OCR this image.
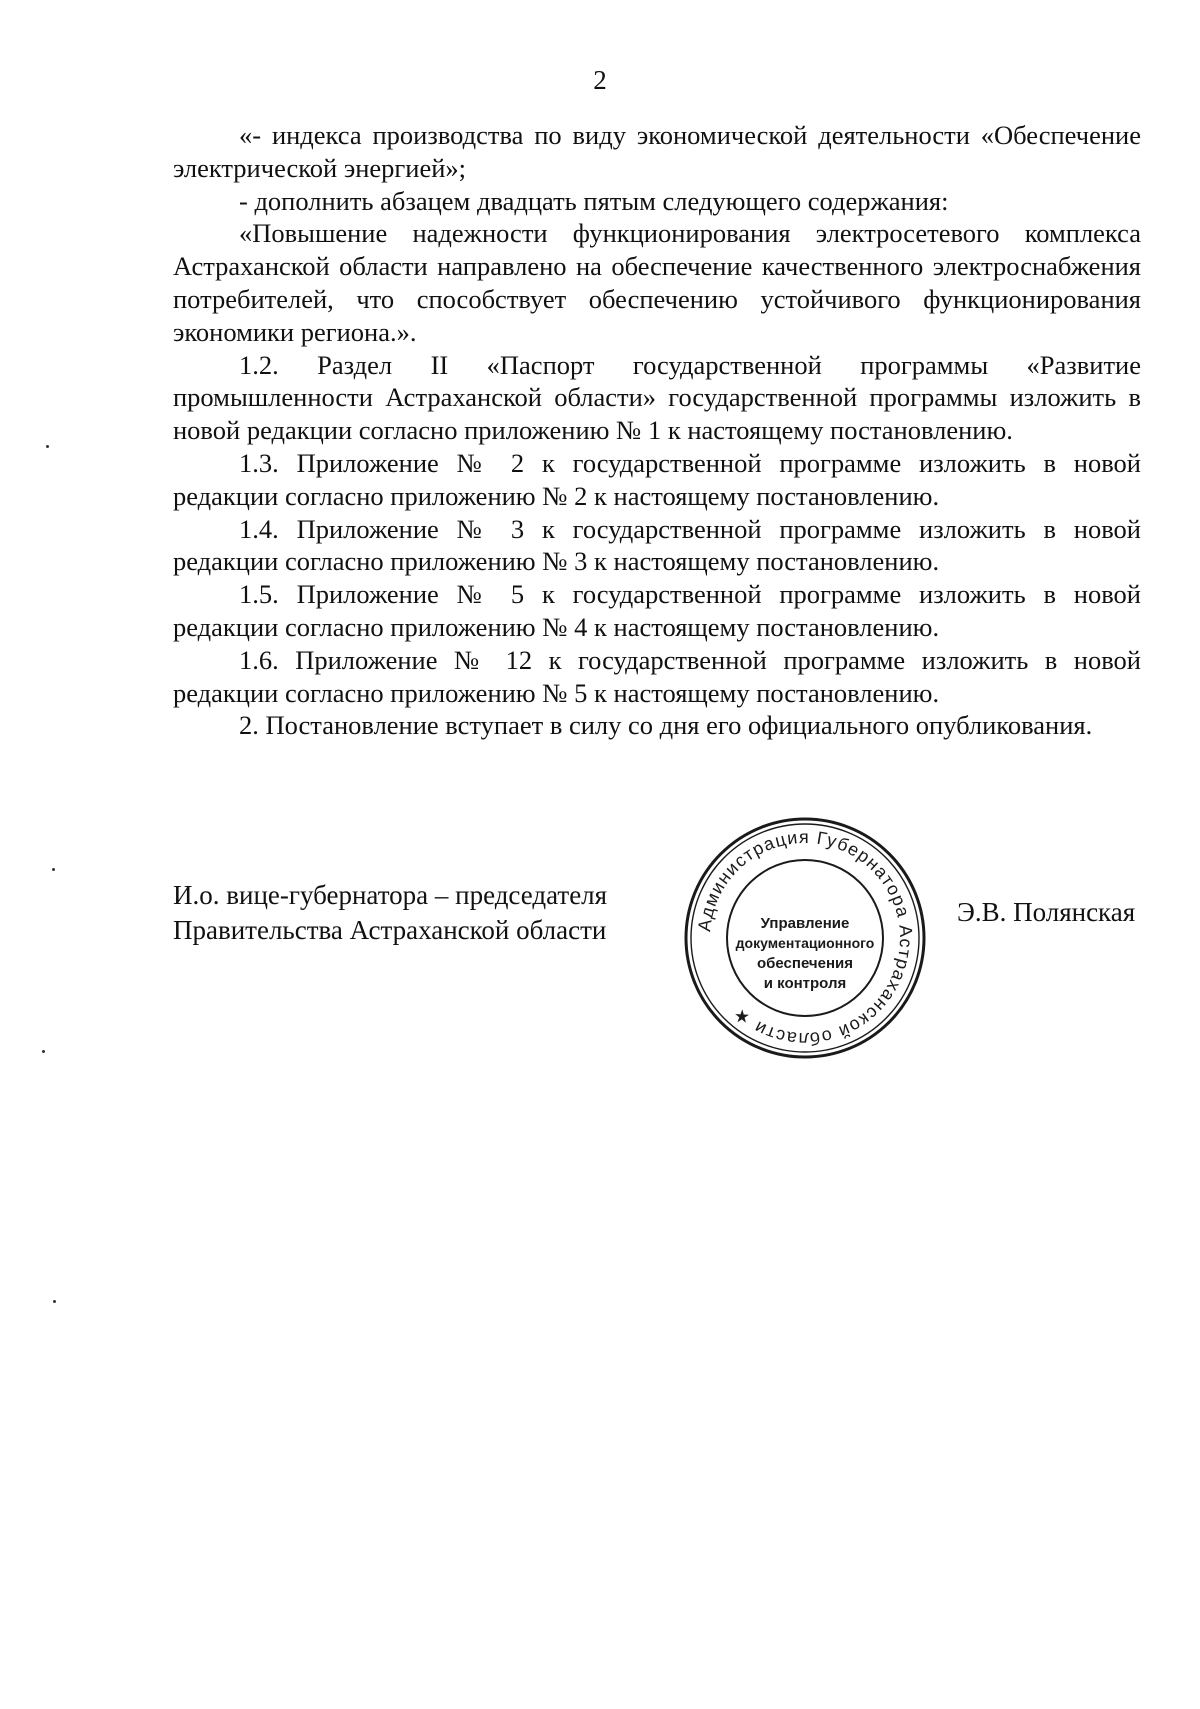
2

«- индекса производства по виду экономической деятельности «Обеспечение электрической энергией»;

- дополнить абзацем двадцать пятым следующего содержания:

«Повышение надежности функционирования электросетевого комплекса Астраханской области направлено на обеспечение качественного электроснабжения потребителей, что способствует обеспечению устойчивого функционирования экономики региона.».

1.2. Раздел II «Паспорт государственной программы «Развитие промышленности Астраханской области» государственной программы изложить в новой редакции согласно приложению № 1 к настоящему постановлению.

1.3. Приложение № 2 к государственной программе изложить в новой редакции согласно приложению № 2 к настоящему постановлению.

1.4. Приложение № 3 к государственной программе изложить в новой редакции согласно приложению № 3 к настоящему постановлению.

1.5. Приложение № 5 к государственной программе изложить в новой редакции согласно приложению № 4 к настоящему постановлению.

1.6. Приложение № 12 к государственной программе изложить в новой редакции согласно приложению № 5 к настоящему постановлению.

2. Постановление вступает в силу со дня его официального опубликования.

И.о. вице-губернатора – председателя
Правительства Астраханской области	Администрация Губернатора Астраханской области ★
Управление
документационного
обеспечения
и контроля
Э.В. Полянская
